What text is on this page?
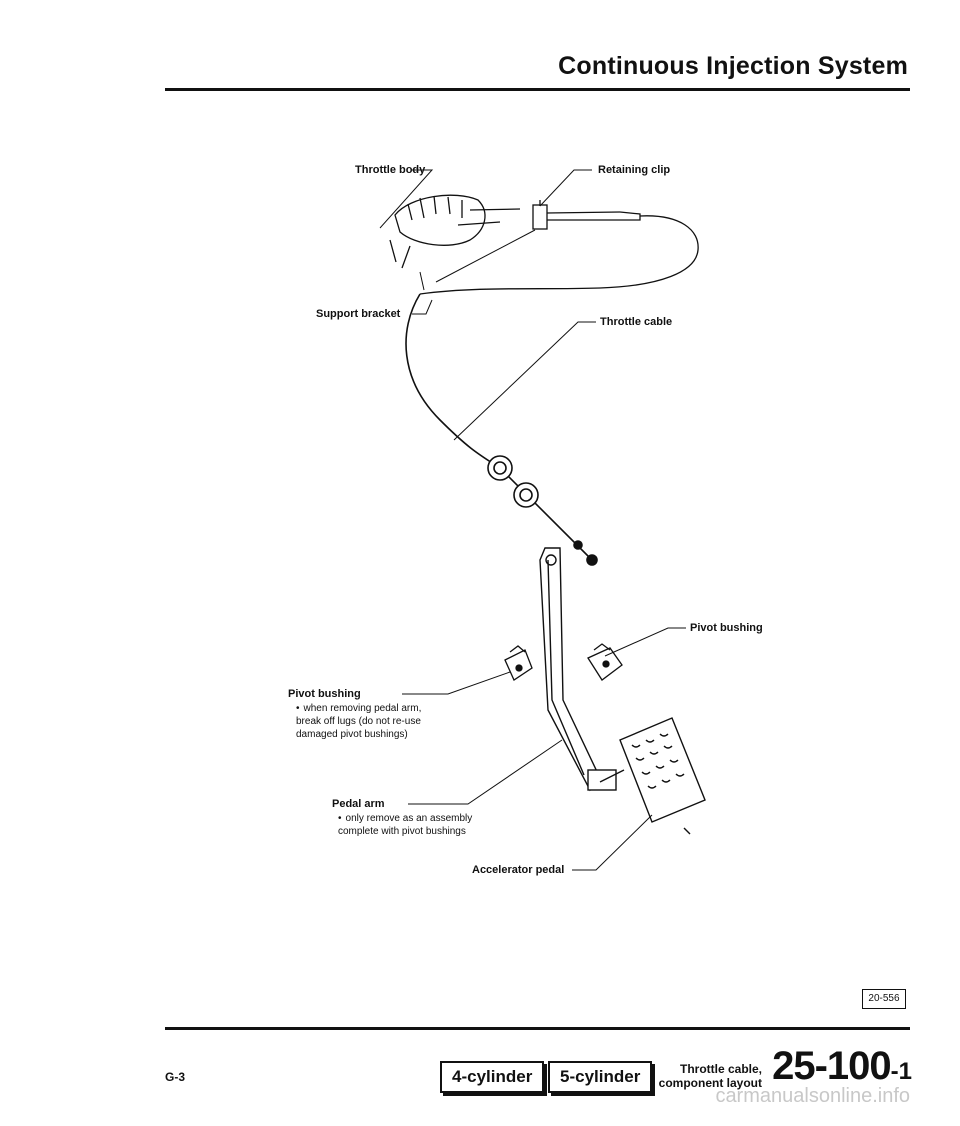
Continuous Injection System
Throttle body	Retaining clip
Support bracket
Throttle cable
Pivot bushing
Pivot bushing
• when removing pedal arm,
break off lugs (do not re-use
damaged pivot bushings)
Pedal arm
• only remove as an assembly
complete with pivot bushings
Accelerator pedal
20-556
G-3	4-cylinder	5-cylinder	Throttle cable,
component layout 25-100-1
carmanualsonline.info
